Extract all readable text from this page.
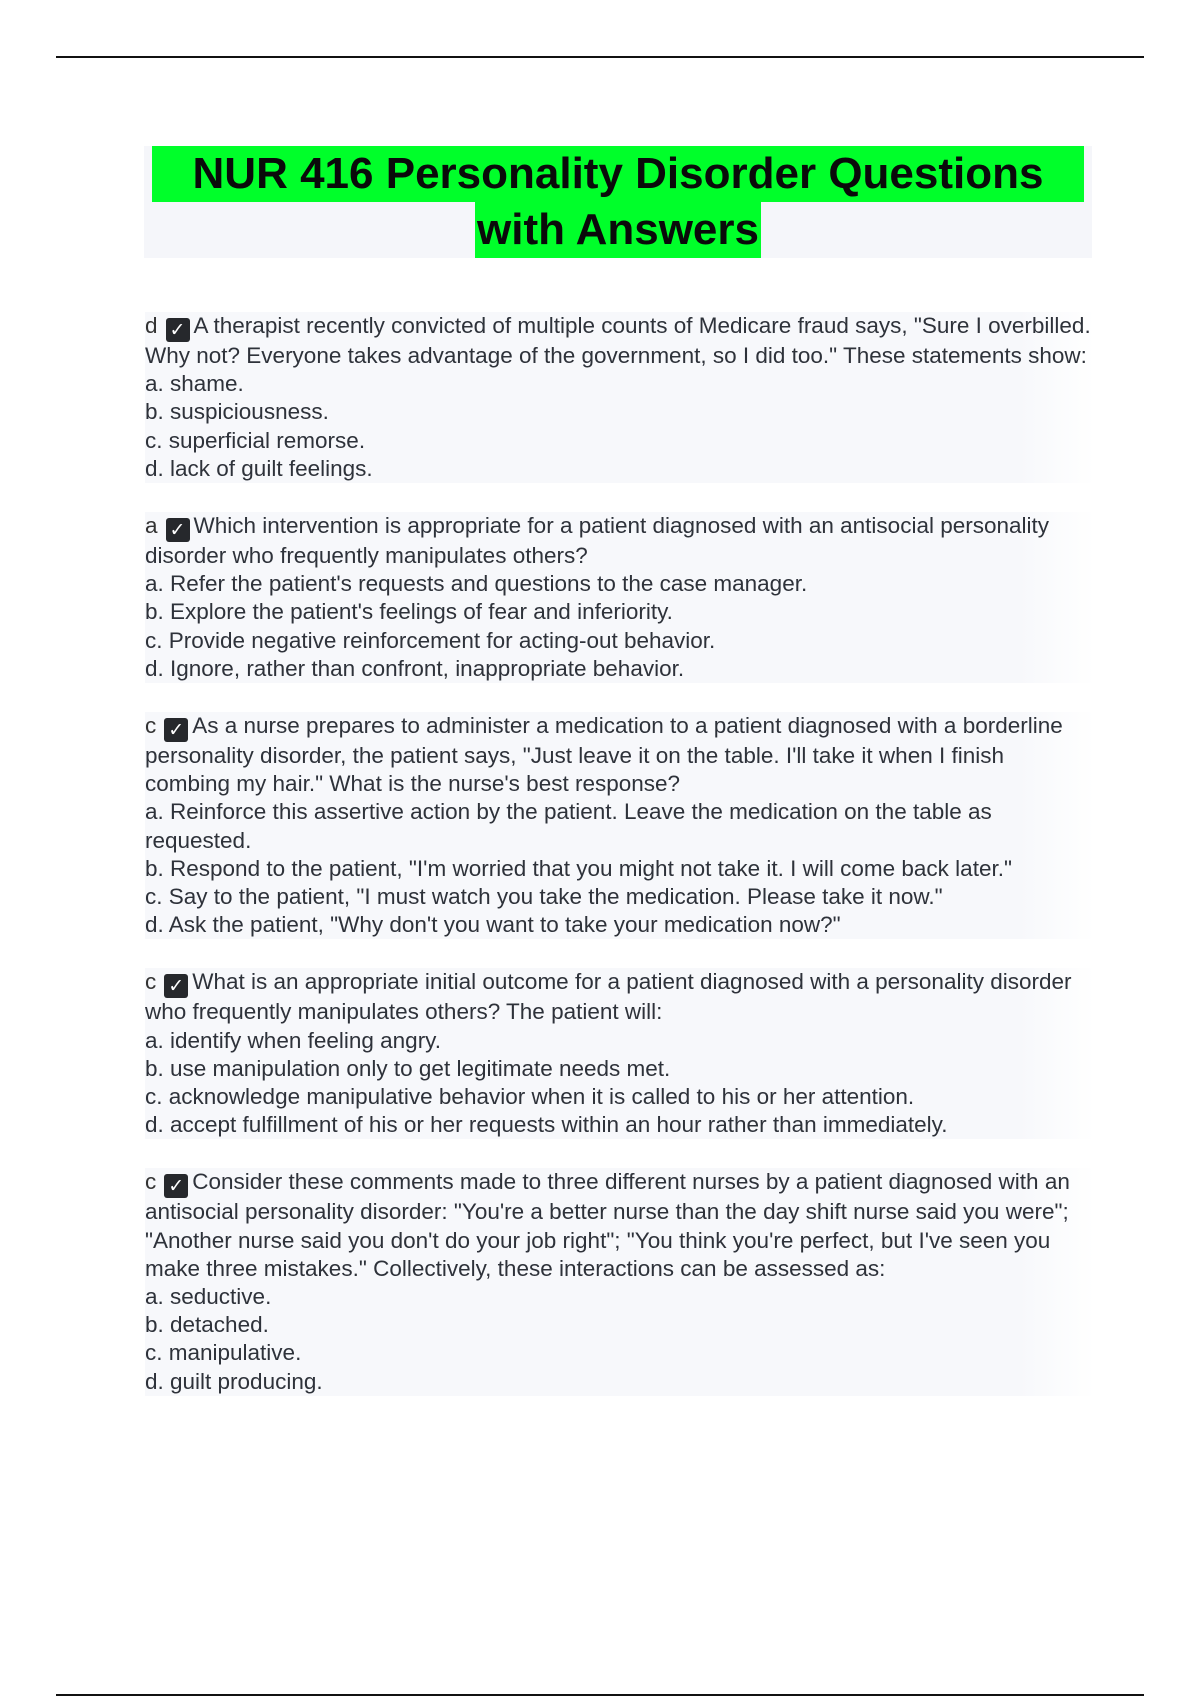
NUR 416 Personality Disorder Questions
with Answers
d ✓ A therapist recently convicted of multiple counts of Medicare fraud says, "Sure I overbilled. Why not? Everyone takes advantage of the government, so I did too." These statements show:
a. shame.
b. suspiciousness.
c. superficial remorse.
d. lack of guilt feelings.
a ✓ Which intervention is appropriate for a patient diagnosed with an antisocial personality disorder who frequently manipulates others?
a. Refer the patient's requests and questions to the case manager.
b. Explore the patient's feelings of fear and inferiority.
c. Provide negative reinforcement for acting-out behavior.
d. Ignore, rather than confront, inappropriate behavior.
c ✓ As a nurse prepares to administer a medication to a patient diagnosed with a borderline personality disorder, the patient says, "Just leave it on the table. I'll take it when I finish combing my hair." What is the nurse's best response?
a. Reinforce this assertive action by the patient. Leave the medication on the table as requested.
b. Respond to the patient, "I'm worried that you might not take it. I will come back later."
c. Say to the patient, "I must watch you take the medication. Please take it now."
d. Ask the patient, "Why don't you want to take your medication now?"
c ✓ What is an appropriate initial outcome for a patient diagnosed with a personality disorder who frequently manipulates others? The patient will:
a. identify when feeling angry.
b. use manipulation only to get legitimate needs met.
c. acknowledge manipulative behavior when it is called to his or her attention.
d. accept fulfillment of his or her requests within an hour rather than immediately.
c ✓ Consider these comments made to three different nurses by a patient diagnosed with an antisocial personality disorder: "You're a better nurse than the day shift nurse said you were"; "Another nurse said you don't do your job right"; "You think you're perfect, but I've seen you make three mistakes." Collectively, these interactions can be assessed as:
a. seductive.
b. detached.
c. manipulative.
d. guilt producing.
